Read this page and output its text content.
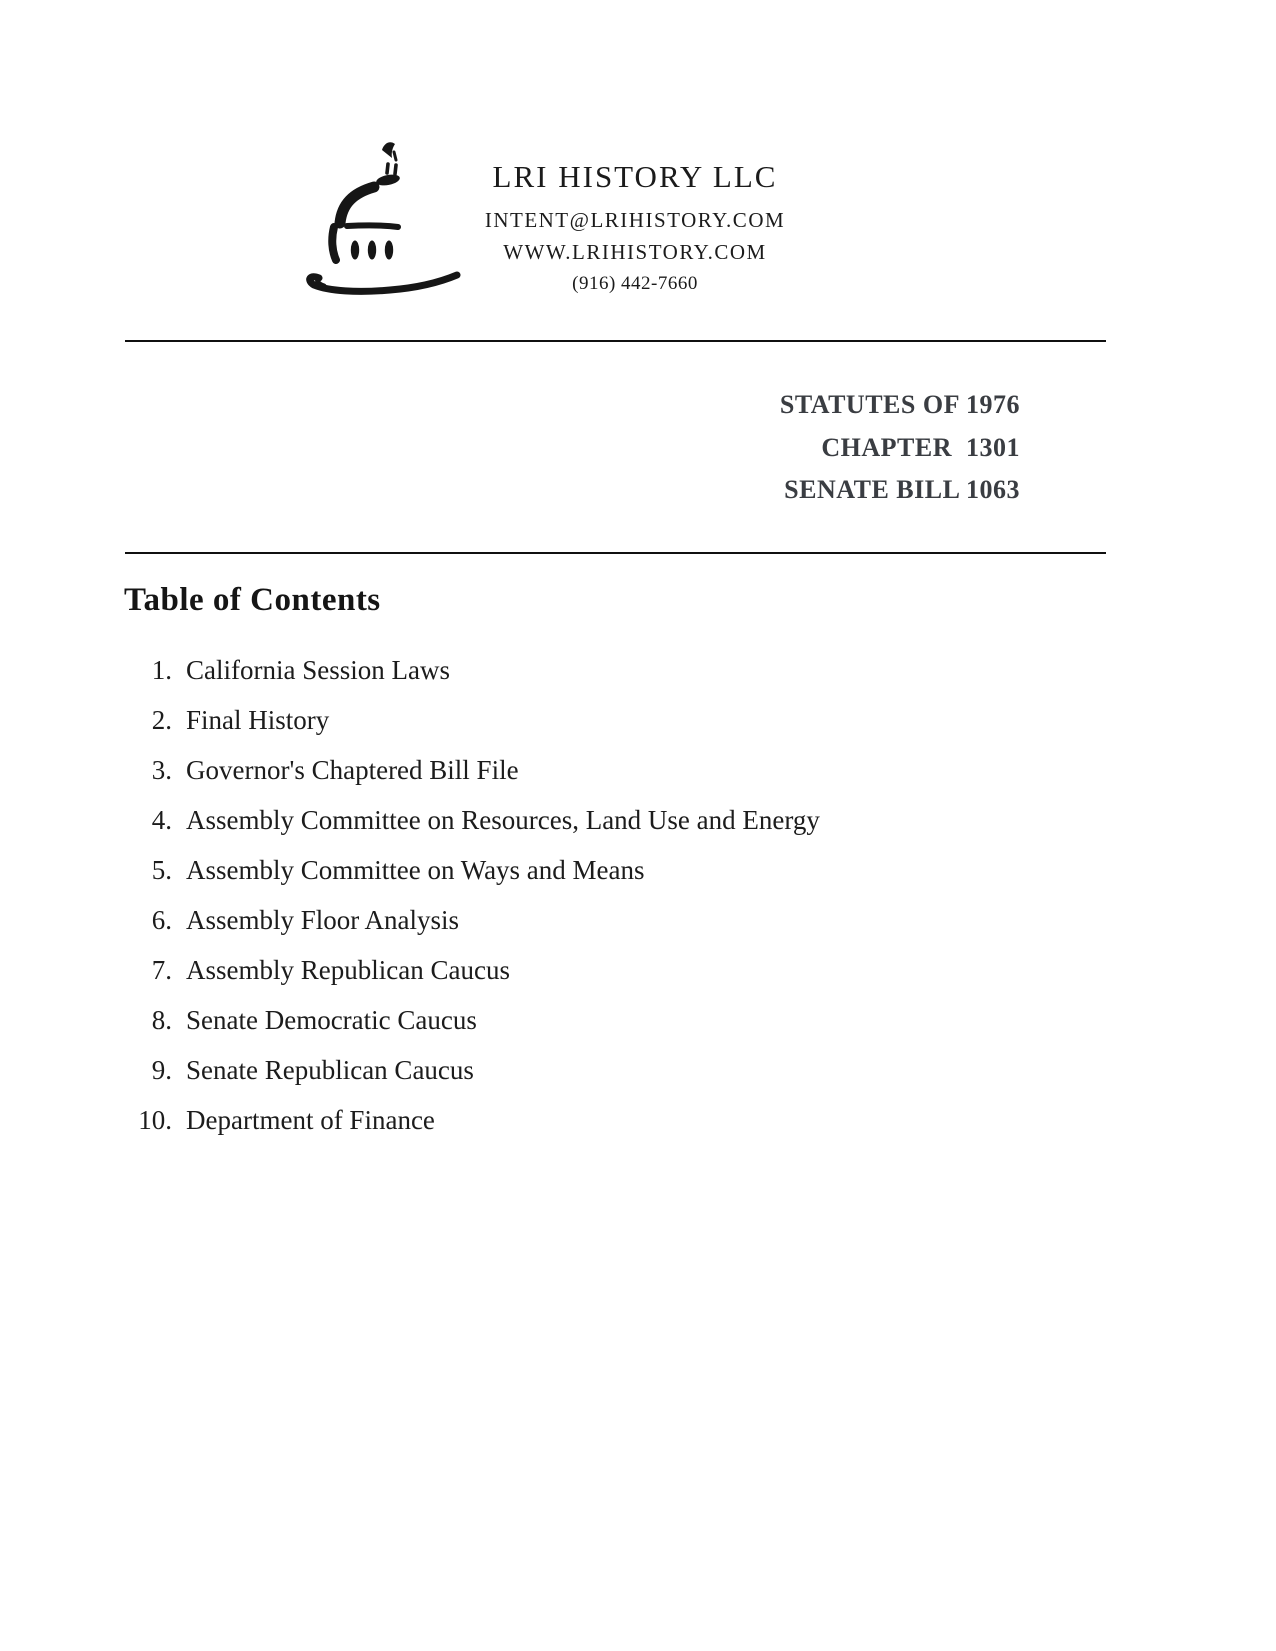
LRI HISTORY LLC
INTENT@LRIHISTORY.COM
WWW.LRIHISTORY.COM
(916) 442-7660
STATUTES OF 1976
CHAPTER  1301
SENATE BILL 1063
Table of Contents
1. California Session Laws
2. Final History
3. Governor's Chaptered Bill File
4. Assembly Committee on Resources, Land Use and Energy
5. Assembly Committee on Ways and Means
6. Assembly Floor Analysis
7. Assembly Republican Caucus
8. Senate Democratic Caucus
9. Senate Republican Caucus
10. Department of Finance
